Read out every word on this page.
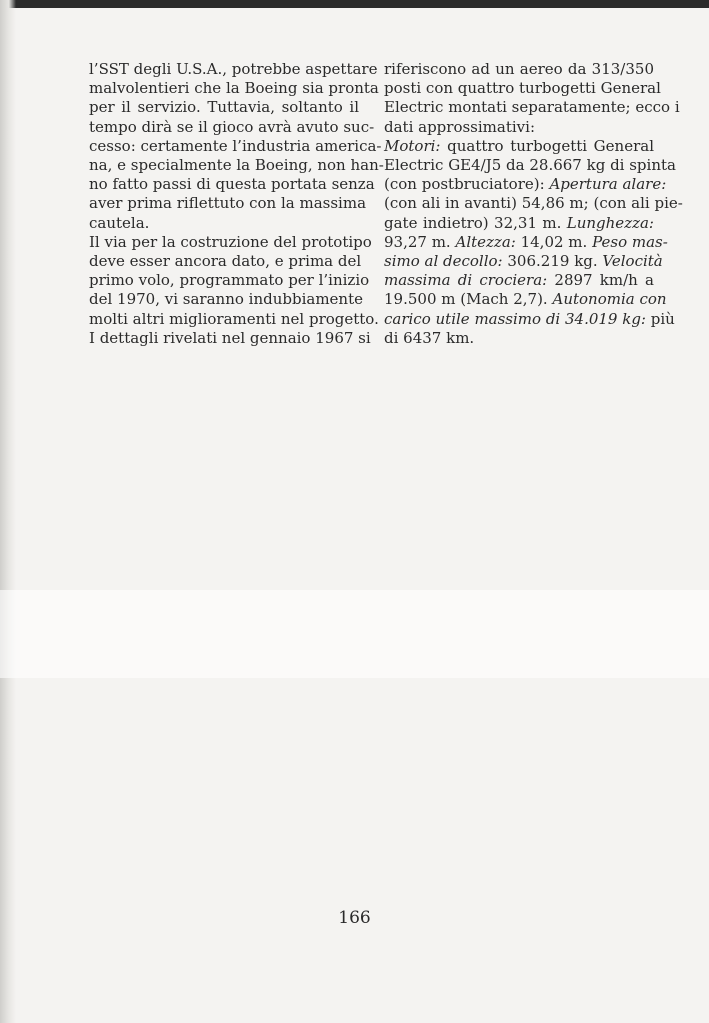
l’SST degli U.S.A., potrebbe aspettare
malvolentieri che la Boeing sia pronta
per il servizio. Tuttavia, soltanto il
tempo dirà se il gioco avrà avuto suc-
cesso: certamente l’industria america-
na, e specialmente la Boeing, non han-
no fatto passi di questa portata senza
aver prima riflettuto con la massima
cautela.
Il via per la costruzione del prototipo
deve esser ancora dato, e prima del
primo volo, programmato per l’inizio
del 1970, vi saranno indubbiamente
molti altri miglioramenti nel progetto.
I dettagli rivelati nel gennaio 1967 si
riferiscono ad un aereo da 313/350
posti con quattro turbogetti General
Electric montati separatamente; ecco i
dati approssimativi:
Motori: quattro turbogetti General
Electric GE4/J5 da 28.667 kg di spinta
(con postbruciatore): Apertura alare:
(con ali in avanti) 54,86 m; (con ali pie-
gate indietro) 32,31 m. Lunghezza:
93,27 m. Altezza: 14,02 m. Peso mas-
simo al decollo: 306.219 kg. Velocità
massima di crociera: 2897 km/h a
19.500 m (Mach 2,7). Autonomia con
carico utile massimo di 34.019 kg: più
di 6437 km.
166
